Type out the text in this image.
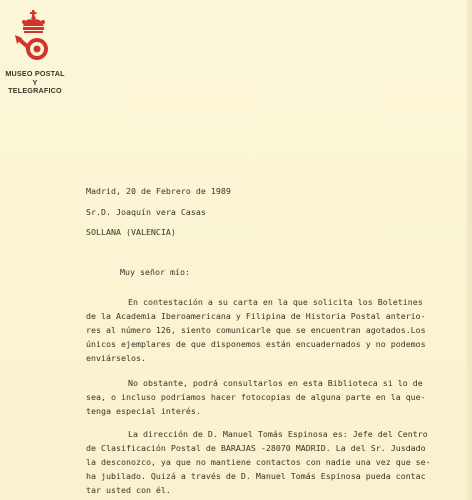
MUSEO POSTAL
Y
TELEGRAFICO
Madrid, 20 de Febrero de 1989
Sr.D. Joaquín vera Casas
SOLLANA (VALENCIA)
Muy señor mío:
En contestación a su carta en la que solicita los Boletines
de la Academia Iberoamericana y Filipina de Historia Postal anterio-
res al número 126, siento comunicarle que se encuentran agotados.Los
únicos ejemplares de que disponemos están encuadernados y no podemos
enviárselos.
No obstante, podrá consultarlos en esta Biblioteca si lo de
sea, o incluso podríamos hacer fotocopias de alguna parte en la que-
tenga especial interés.
La dirección de D. Manuel Tomás Espinosa es: Jefe del Centro
de Clasificación Postal de BARAJAS -28070 MADRID. La del Sr. Jusdado
la desconozco, ya que no mantiene contactos con nadie una vez que se-
ha jubilado. Quizá a través de D. Manuel Tomás Espinosa pueda contac
tar usted con él.
